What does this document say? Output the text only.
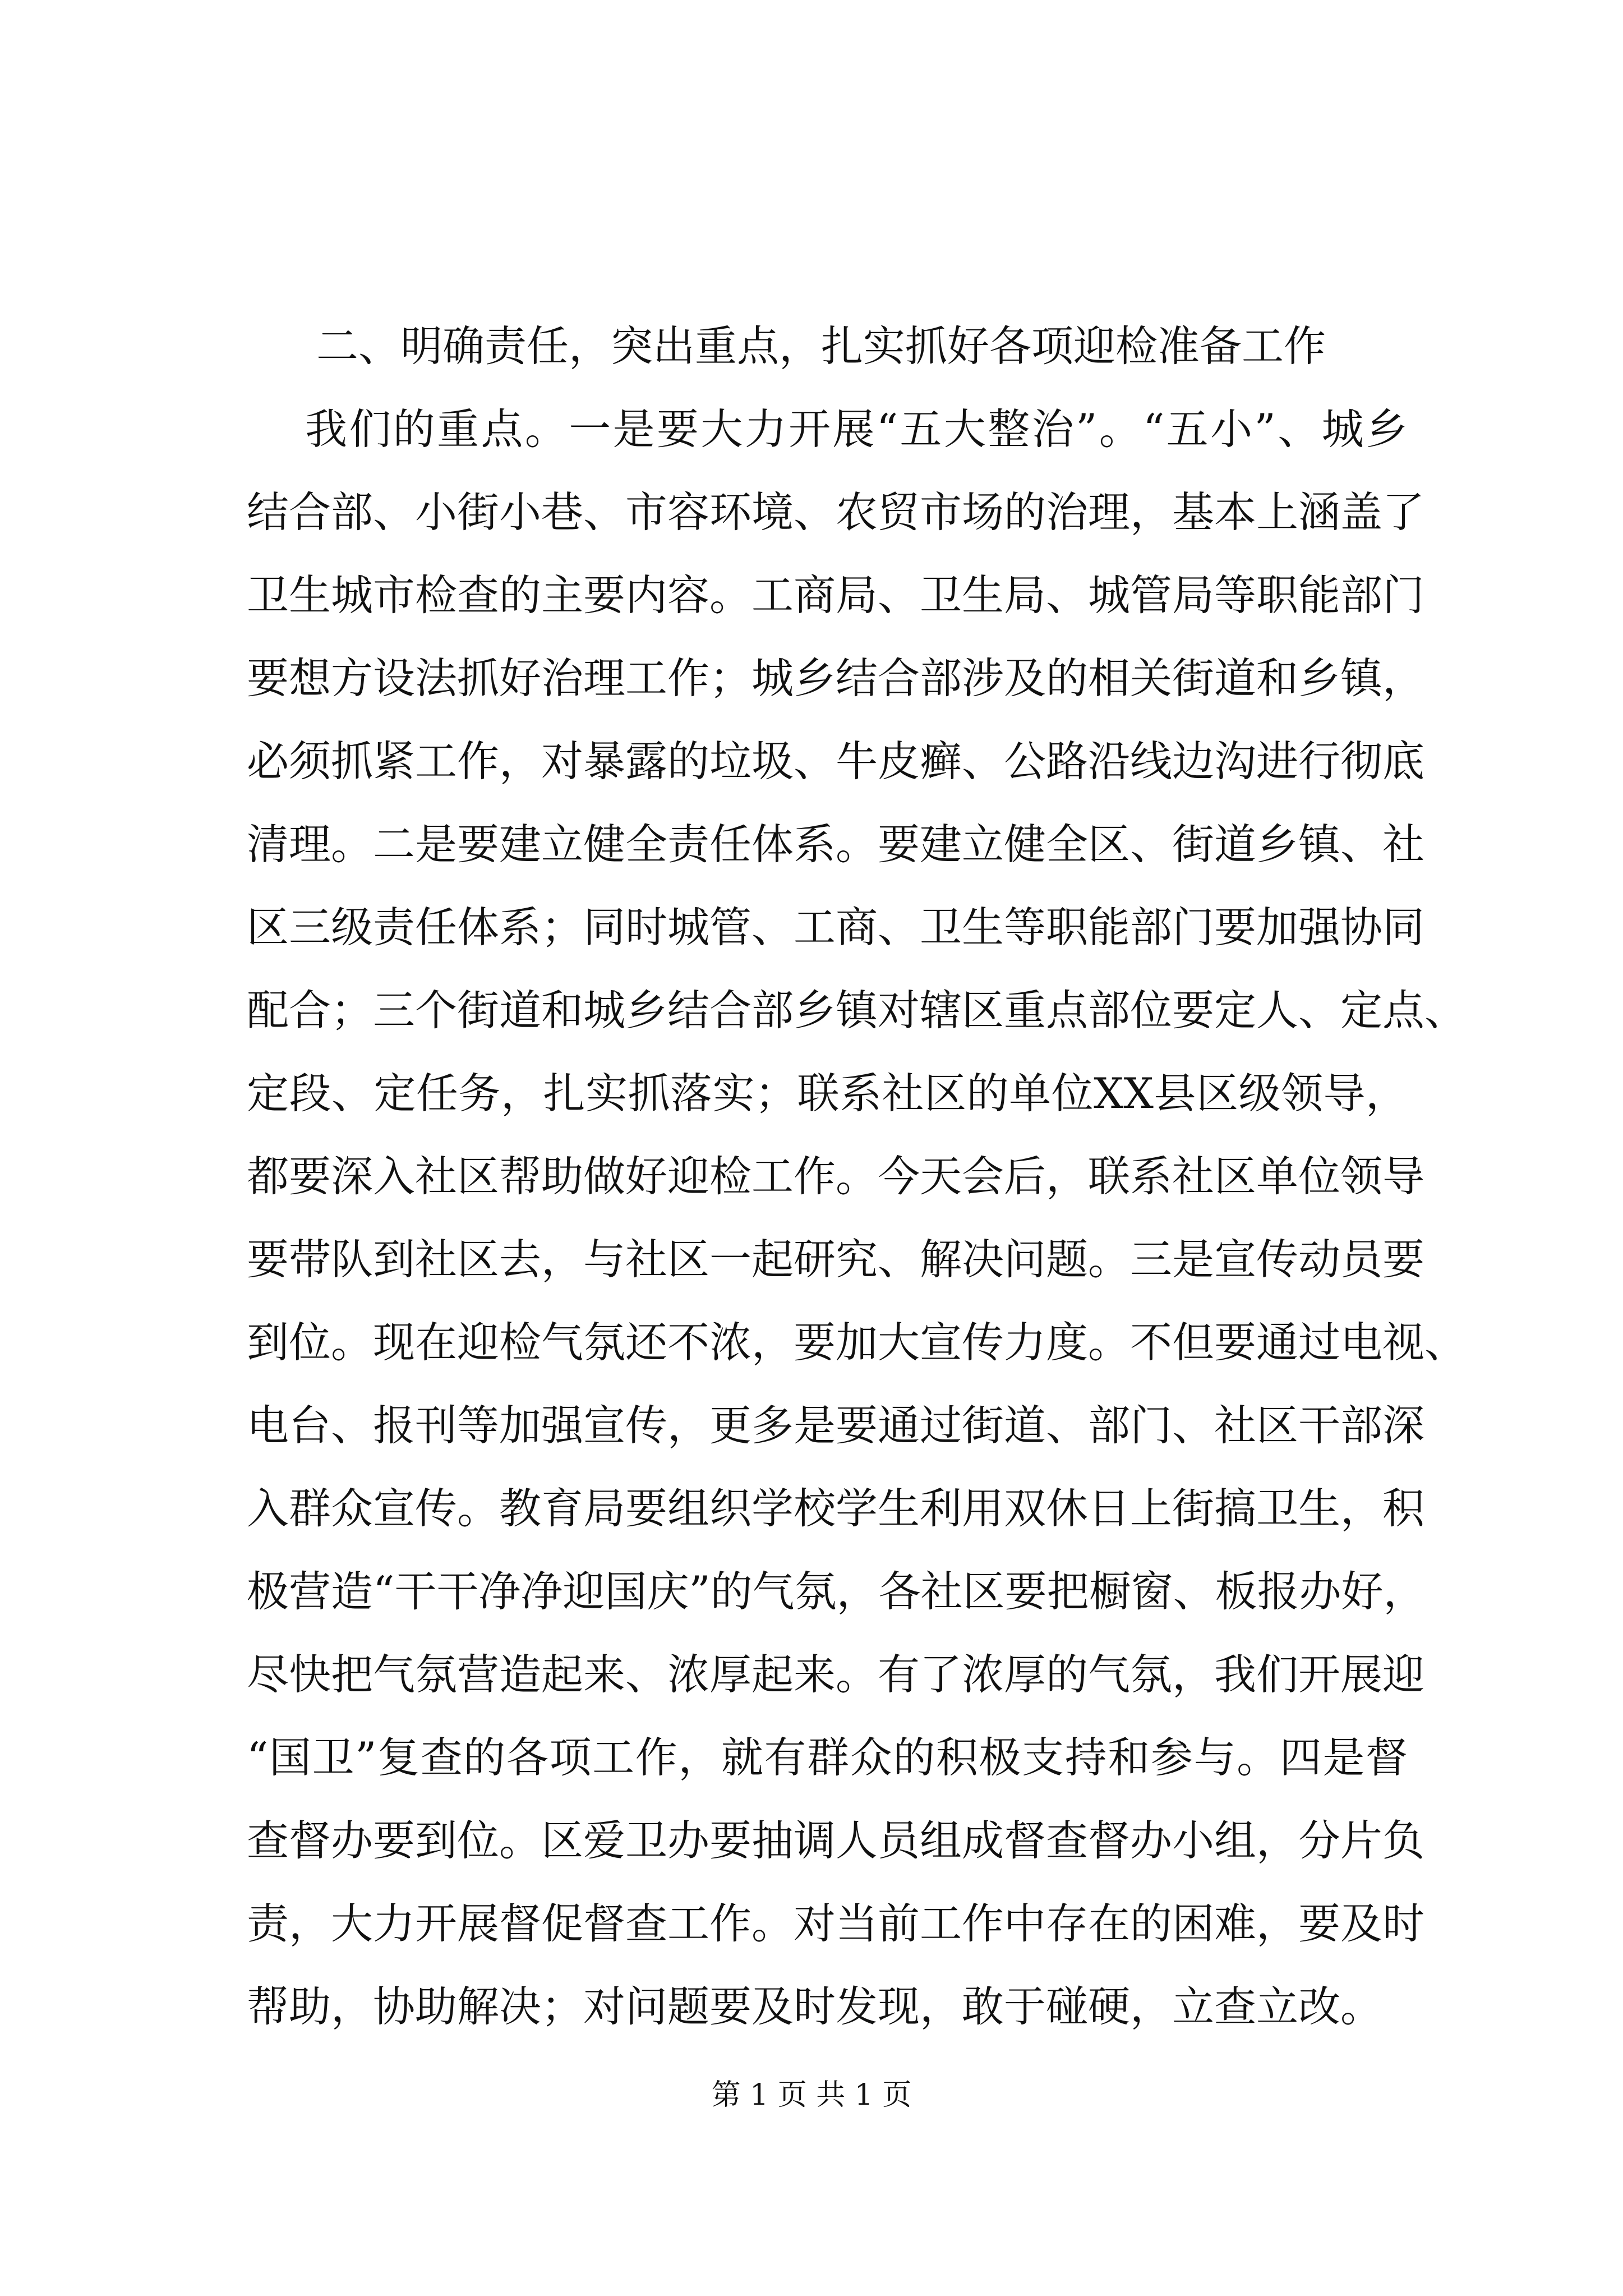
二、明确责任，突出重点，扎实抓好各项迎检准备工作
我们的重点。一是要大力开展“五大整治”。“五小”、城乡
结合部、小街小巷、市容环境、农贸市场的治理，基本上涵盖了
卫生城市检查的主要内容。工商局、卫生局、城管局等职能部门
要想方设法抓好治理工作；城乡结合部涉及的相关街道和乡镇，
必须抓紧工作，对暴露的垃圾、牛皮癣、公路沿线边沟进行彻底
清理。二是要建立健全责任体系。要建立健全区、街道乡镇、社
区三级责任体系；同时城管、工商、卫生等职能部门要加强协同
配合；三个街道和城乡结合部乡镇对辖区重点部位要定人、定点、
定段、定任务，扎实抓落实；联系社区的单位XX县区级领导，
都要深入社区帮助做好迎检工作。今天会后，联系社区单位领导
要带队到社区去，与社区一起研究、解决问题。三是宣传动员要
到位。现在迎检气氛还不浓，要加大宣传力度。不但要通过电视、
电台、报刊等加强宣传，更多是要通过街道、部门、社区干部深
入群众宣传。教育局要组织学校学生利用双休日上街搞卫生，积
极营造“干干净净迎国庆”的气氛，各社区要把橱窗、板报办好，
尽快把气氛营造起来、浓厚起来。有了浓厚的气氛，我们开展迎
“国卫”复查的各项工作，就有群众的积极支持和参与。四是督
查督办要到位。区爱卫办要抽调人员组成督查督办小组，分片负
责，大力开展督促督查工作。对当前工作中存在的困难，要及时
帮助，协助解决；对问题要及时发现，敢于碰硬，立查立改。
第 1 页 共 1 页
